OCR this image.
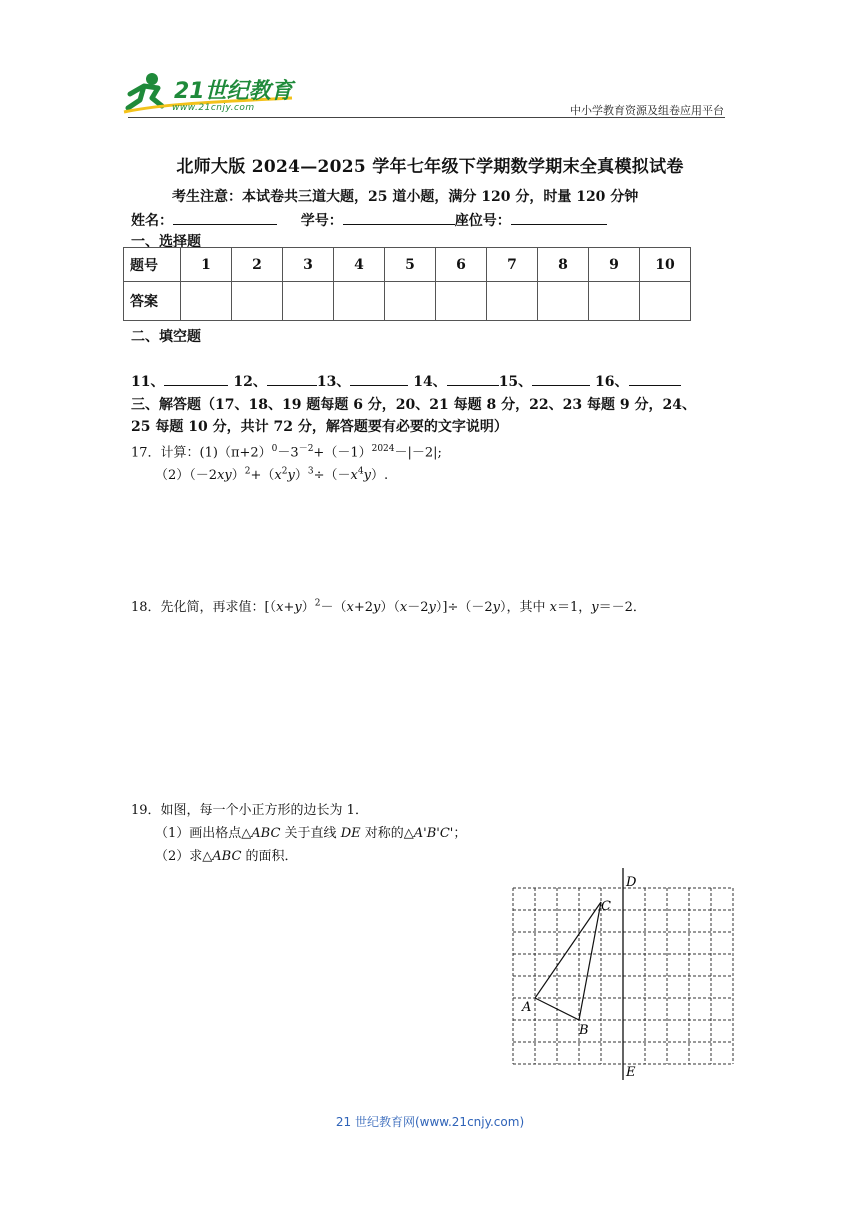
21世纪教育
www.21cnjy.com	中小学教育资源及组卷应用平台
北师大版 2024—2025 学年七年级下学期数学期末全真模拟试卷
考生注意：本试卷共三道大题，25 道小题，满分 120 分，时量 120 分钟
姓名：	学号：	座位号：
一、选择题
题号	1	2	3	4	5	6	7	8	9	10
答案										
二、填空题
11、	12、	13、	14、	15、	16、
三、解答题（17、18、19 题每题 6 分，20、21 每题 8 分，22、23 每题 9 分，24、
25 每题 10 分，共计 72 分，解答题要有必要的文字说明）
17．计算：$(1)(\pi+2)^0-3^{-2}+(-1)^{2024}-|-2|$;
$(2)(-2xy)^2+(x^2y)^3\div(-x^4y)$.
18．先化简，再求值：$[(x+y)^2-(x+2y)(x-2y)]\div(-2y)$，其中 x＝1，y＝－2．
19．如图，每一个小正方形的边长为 1．
（1）画出格点△ABC 关于直线 DE 对称的△A'B'C'；
（2）求△ABC 的面积．
A
B
C
D
E
21 世纪教育网(www.21cnjy.com)
